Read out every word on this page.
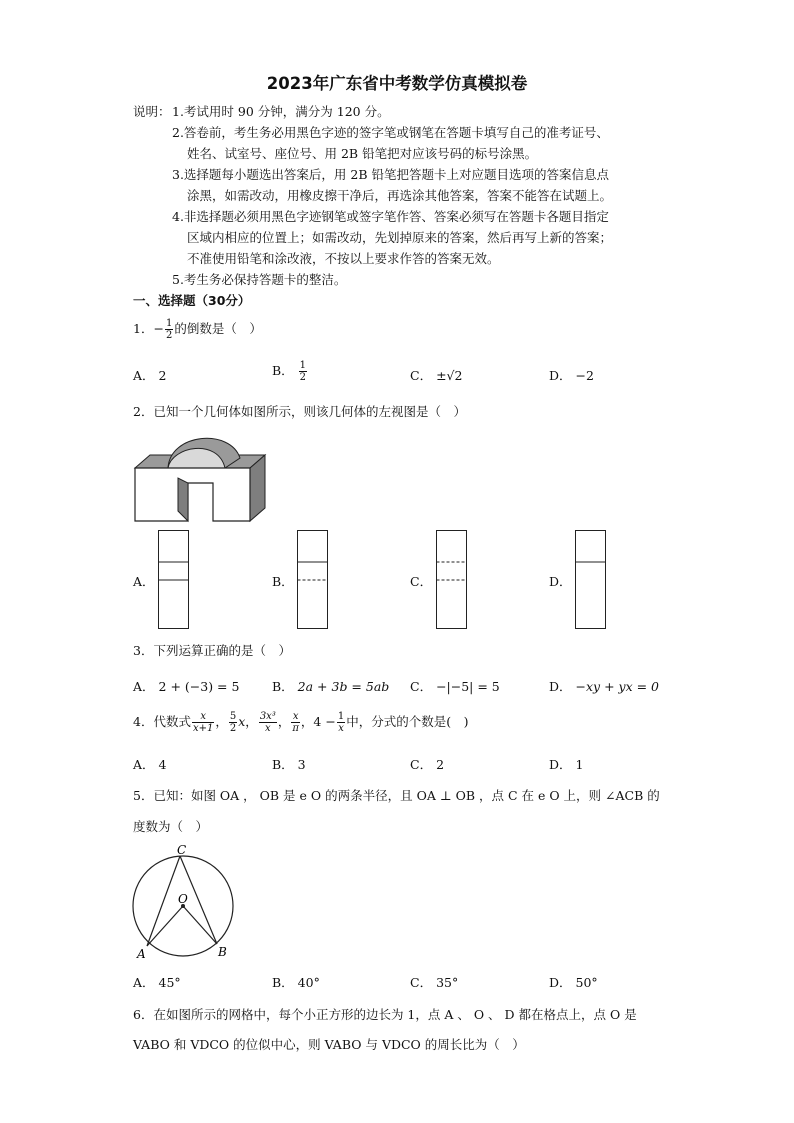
2023年广东省中考数学仿真模拟卷
说明： 1.考试用时 90 分钟，满分为 120 分。
2.答卷前，考生务必用黑色字迹的签字笔或钢笔在答题卡填写自己的准考证号、
姓名、试室号、座位号、用 2B 铅笔把对应该号码的标号涂黑。
3.选择题每小题选出答案后，用 2B 铅笔把答题卡上对应题目选项的答案信息点
涂黑，如需改动，用橡皮擦干净后，再选涂其他答案，答案不能答在试题上。
4.非选择题必须用黑色字迹钢笔或签字笔作答、答案必须写在答题卡各题目指定
区域内相应的位置上；如需改动，先划掉原来的答案，然后再写上新的答案；
不准使用铅笔和涂改液，不按以上要求作答的答案无效。
5.考生务必保持答题卡的整洁。
一、选择题（30分）
1．− $\frac{1}{2}$ 的倒数是（　）
A． 2	B． $\frac{1}{2}$	C． ±√2	D． −2
2．已知一个几何体如图所示，则该几何体的左视图是（　）
A．	B．	C．	D．
3．下列运算正确的是（　）
A． 2 + (−3) = 5	B． 2a + 3b = 5ab C． −|−5| = 5	D． −xy + yx = 0
4．代数式 $\frac{x}{x+1}$ ， $\frac{5}{2}$ x， $\frac{\text{3x³}}{x}$ ， $\frac{x}{\pi}$ ，$4 - \frac{1}{x}$ 中，分式的个数是(　)
A． 4	B． 3	C． 2	D． 1
5．已知：如图 OA ， OB 是 e O 的两条半径，且 OA ⊥ OB ，点 C 在 e O 上，则 ∠ACB 的
度数为（　）
C
O
A	B
A． 45°	B． 40°	C． 35°	D． 50°
6．在如图所示的网格中，每个小正方形的边长为 1，点 A 、 O 、 D 都在格点上，点 O 是
VABO 和 VDCO 的位似中心，则 VABO 与 VDCO 的周长比为（　）
